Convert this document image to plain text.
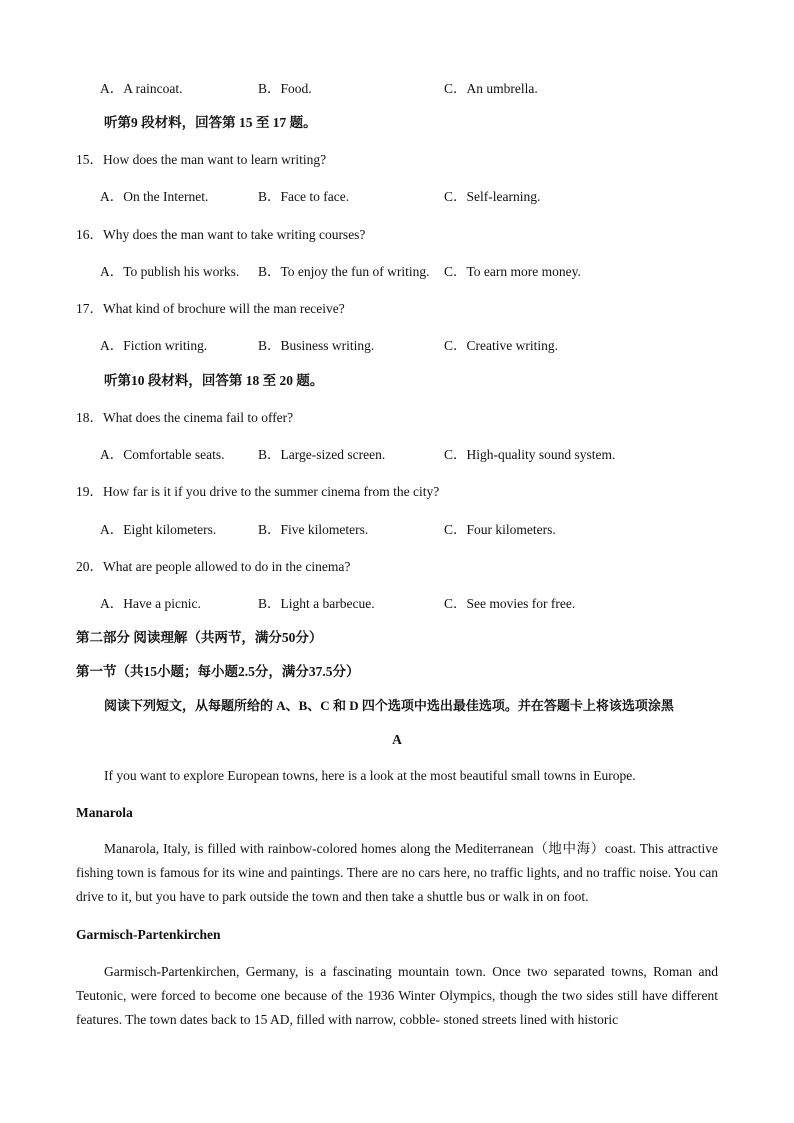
A．A raincoat.	B．Food.	C．An umbrella.
听第9 段材料，回答第 15 至 17 题。
15．How does the man want to learn writing?
A．On the Internet.	B．Face to face.	C．Self-learning.
16．Why does the man want to take writing courses?
A．To publish his works. B．To enjoy the fun of writing. C．To earn more money.
17．What kind of brochure will the man receive?
A．Fiction writing.	B．Business writing.	C．Creative writing.
听第10 段材料，回答第 18 至 20 题。
18．What does the cinema fail to offer?
A．Comfortable seats. B．Large-sized screen.	C．High-quality sound system.
19．How far is it if you drive to the summer cinema from the city?
A．Eight kilometers.	B．Five kilometers.	C．Four kilometers.
20．What are people allowed to do in the cinema?
A．Have a picnic.	B．Light a barbecue.	C．See movies for free.
第二部分 阅读理解（共两节，满分50分）
第一节（共15小题；每小题2.5分，满分37.5分）
阅读下列短文，从每题所给的 A、B、C 和 D 四个选项中选出最佳选项。并在答题卡上将该选项涂黑
A
If you want to explore European towns, here is a look at the most beautiful small towns in Europe.
Manarola
Manarola, Italy, is filled with rainbow-colored homes along the Mediterranean（地中海）coast. This attractive fishing town is famous for its wine and paintings. There are no cars here, no traffic lights, and no traffic noise. You can drive to it, but you have to park outside the town and then take a shuttle bus or walk in on foot.
Garmisch-Partenkirchen
Garmisch-Partenkirchen, Germany, is a fascinating mountain town. Once two separated towns, Roman and Teutonic, were forced to become one because of the 1936 Winter Olympics, though the two sides still have different features. The town dates back to 15 AD, filled with narrow, cobble- stoned streets lined with historic
